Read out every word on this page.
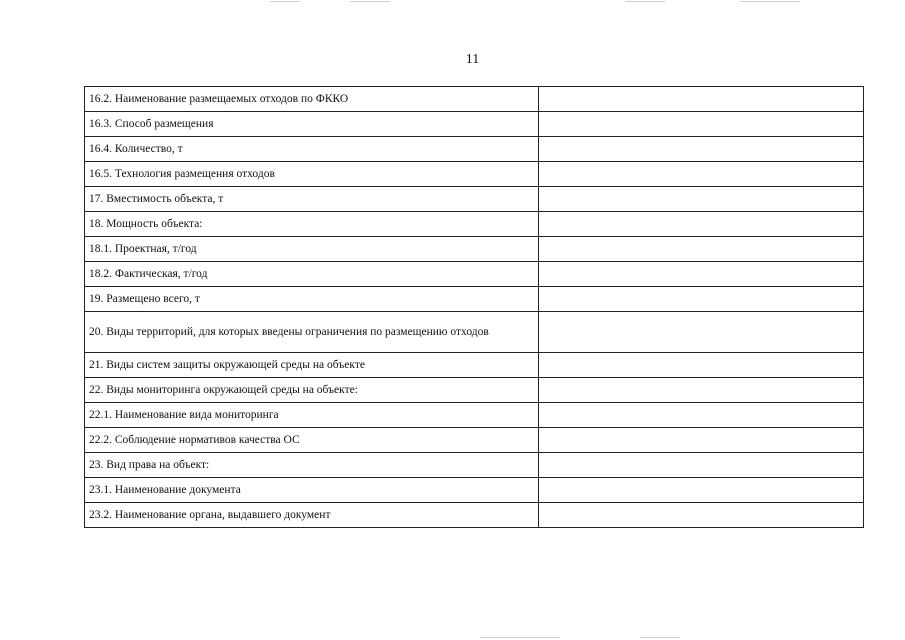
11
16.2. Наименование размещаемых отходов по ФККО	
16.3. Способ размещения	
16.4. Количество, т	
16.5. Технология размещения отходов	
17. Вместимость объекта, т	
18. Мощность объекта:	
18.1. Проектная, т/год	
18.2. Фактическая, т/год	
19. Размещено всего, т	
20. Виды территорий, для которых введены ограничения по размещению отходов	
21. Виды систем защиты окружающей среды на объекте	
22. Виды мониторинга окружающей среды на объекте:	
22.1. Наименование вида мониторинга	
22.2. Соблюдение нормативов качества ОС	
23. Вид права на объект:	
23.1. Наименование документа	
23.2. Наименование органа, выдавшего документ	
